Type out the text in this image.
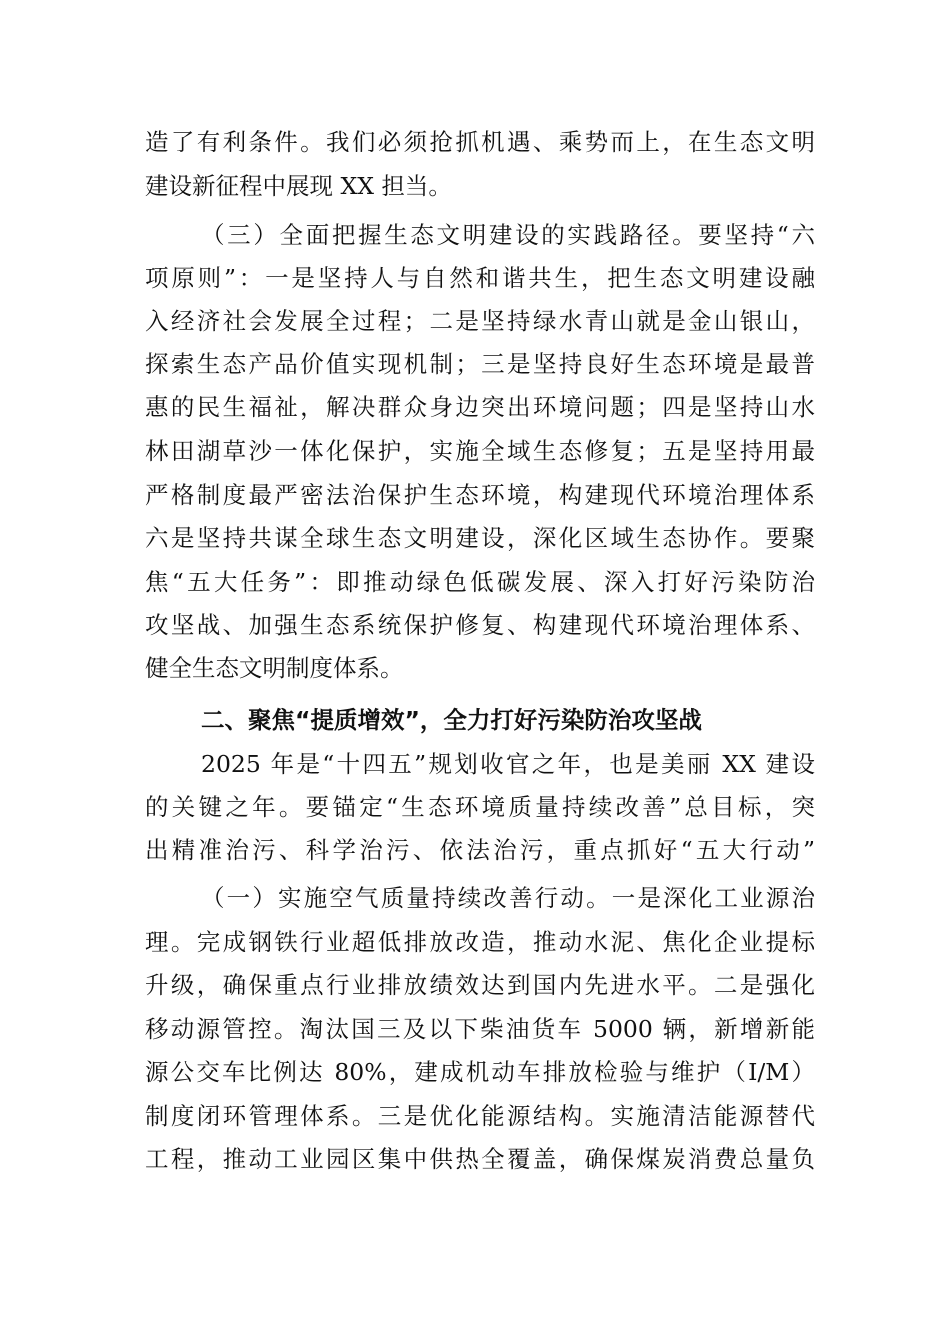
造了有利条件。我们必须抢抓机遇、乘势而上，在生态文明
建设新征程中展现 XX 担当。
（三）全面把握生态文明建设的实践路径。要坚持“六
项原则”：一是坚持人与自然和谐共生，把生态文明建设融
入经济社会发展全过程；二是坚持绿水青山就是金山银山，
探索生态产品价值实现机制；三是坚持良好生态环境是最普
惠的民生福祉，解决群众身边突出环境问题；四是坚持山水
林田湖草沙一体化保护，实施全域生态修复；五是坚持用最
严格制度最严密法治保护生态环境，构建现代环境治理体系
六是坚持共谋全球生态文明建设，深化区域生态协作。要聚
焦“五大任务”：即推动绿色低碳发展、深入打好污染防治
攻坚战、加强生态系统保护修复、构建现代环境治理体系、
健全生态文明制度体系。
二、聚焦“提质增效”，全力打好污染防治攻坚战
2025 年是“十四五”规划收官之年，也是美丽 XX 建设
的关键之年。要锚定“生态环境质量持续改善”总目标，突
出精准治污、科学治污、依法治污，重点抓好“五大行动”
（一）实施空气质量持续改善行动。一是深化工业源治
理。完成钢铁行业超低排放改造，推动水泥、焦化企业提标
升级，确保重点行业排放绩效达到国内先进水平。二是强化
移动源管控。淘汰国三及以下柴油货车 5000 辆，新增新能
源公交车比例达 80%，建成机动车排放检验与维护（I/M）
制度闭环管理体系。三是优化能源结构。实施清洁能源替代
工程，推动工业园区集中供热全覆盖，确保煤炭消费总量负
